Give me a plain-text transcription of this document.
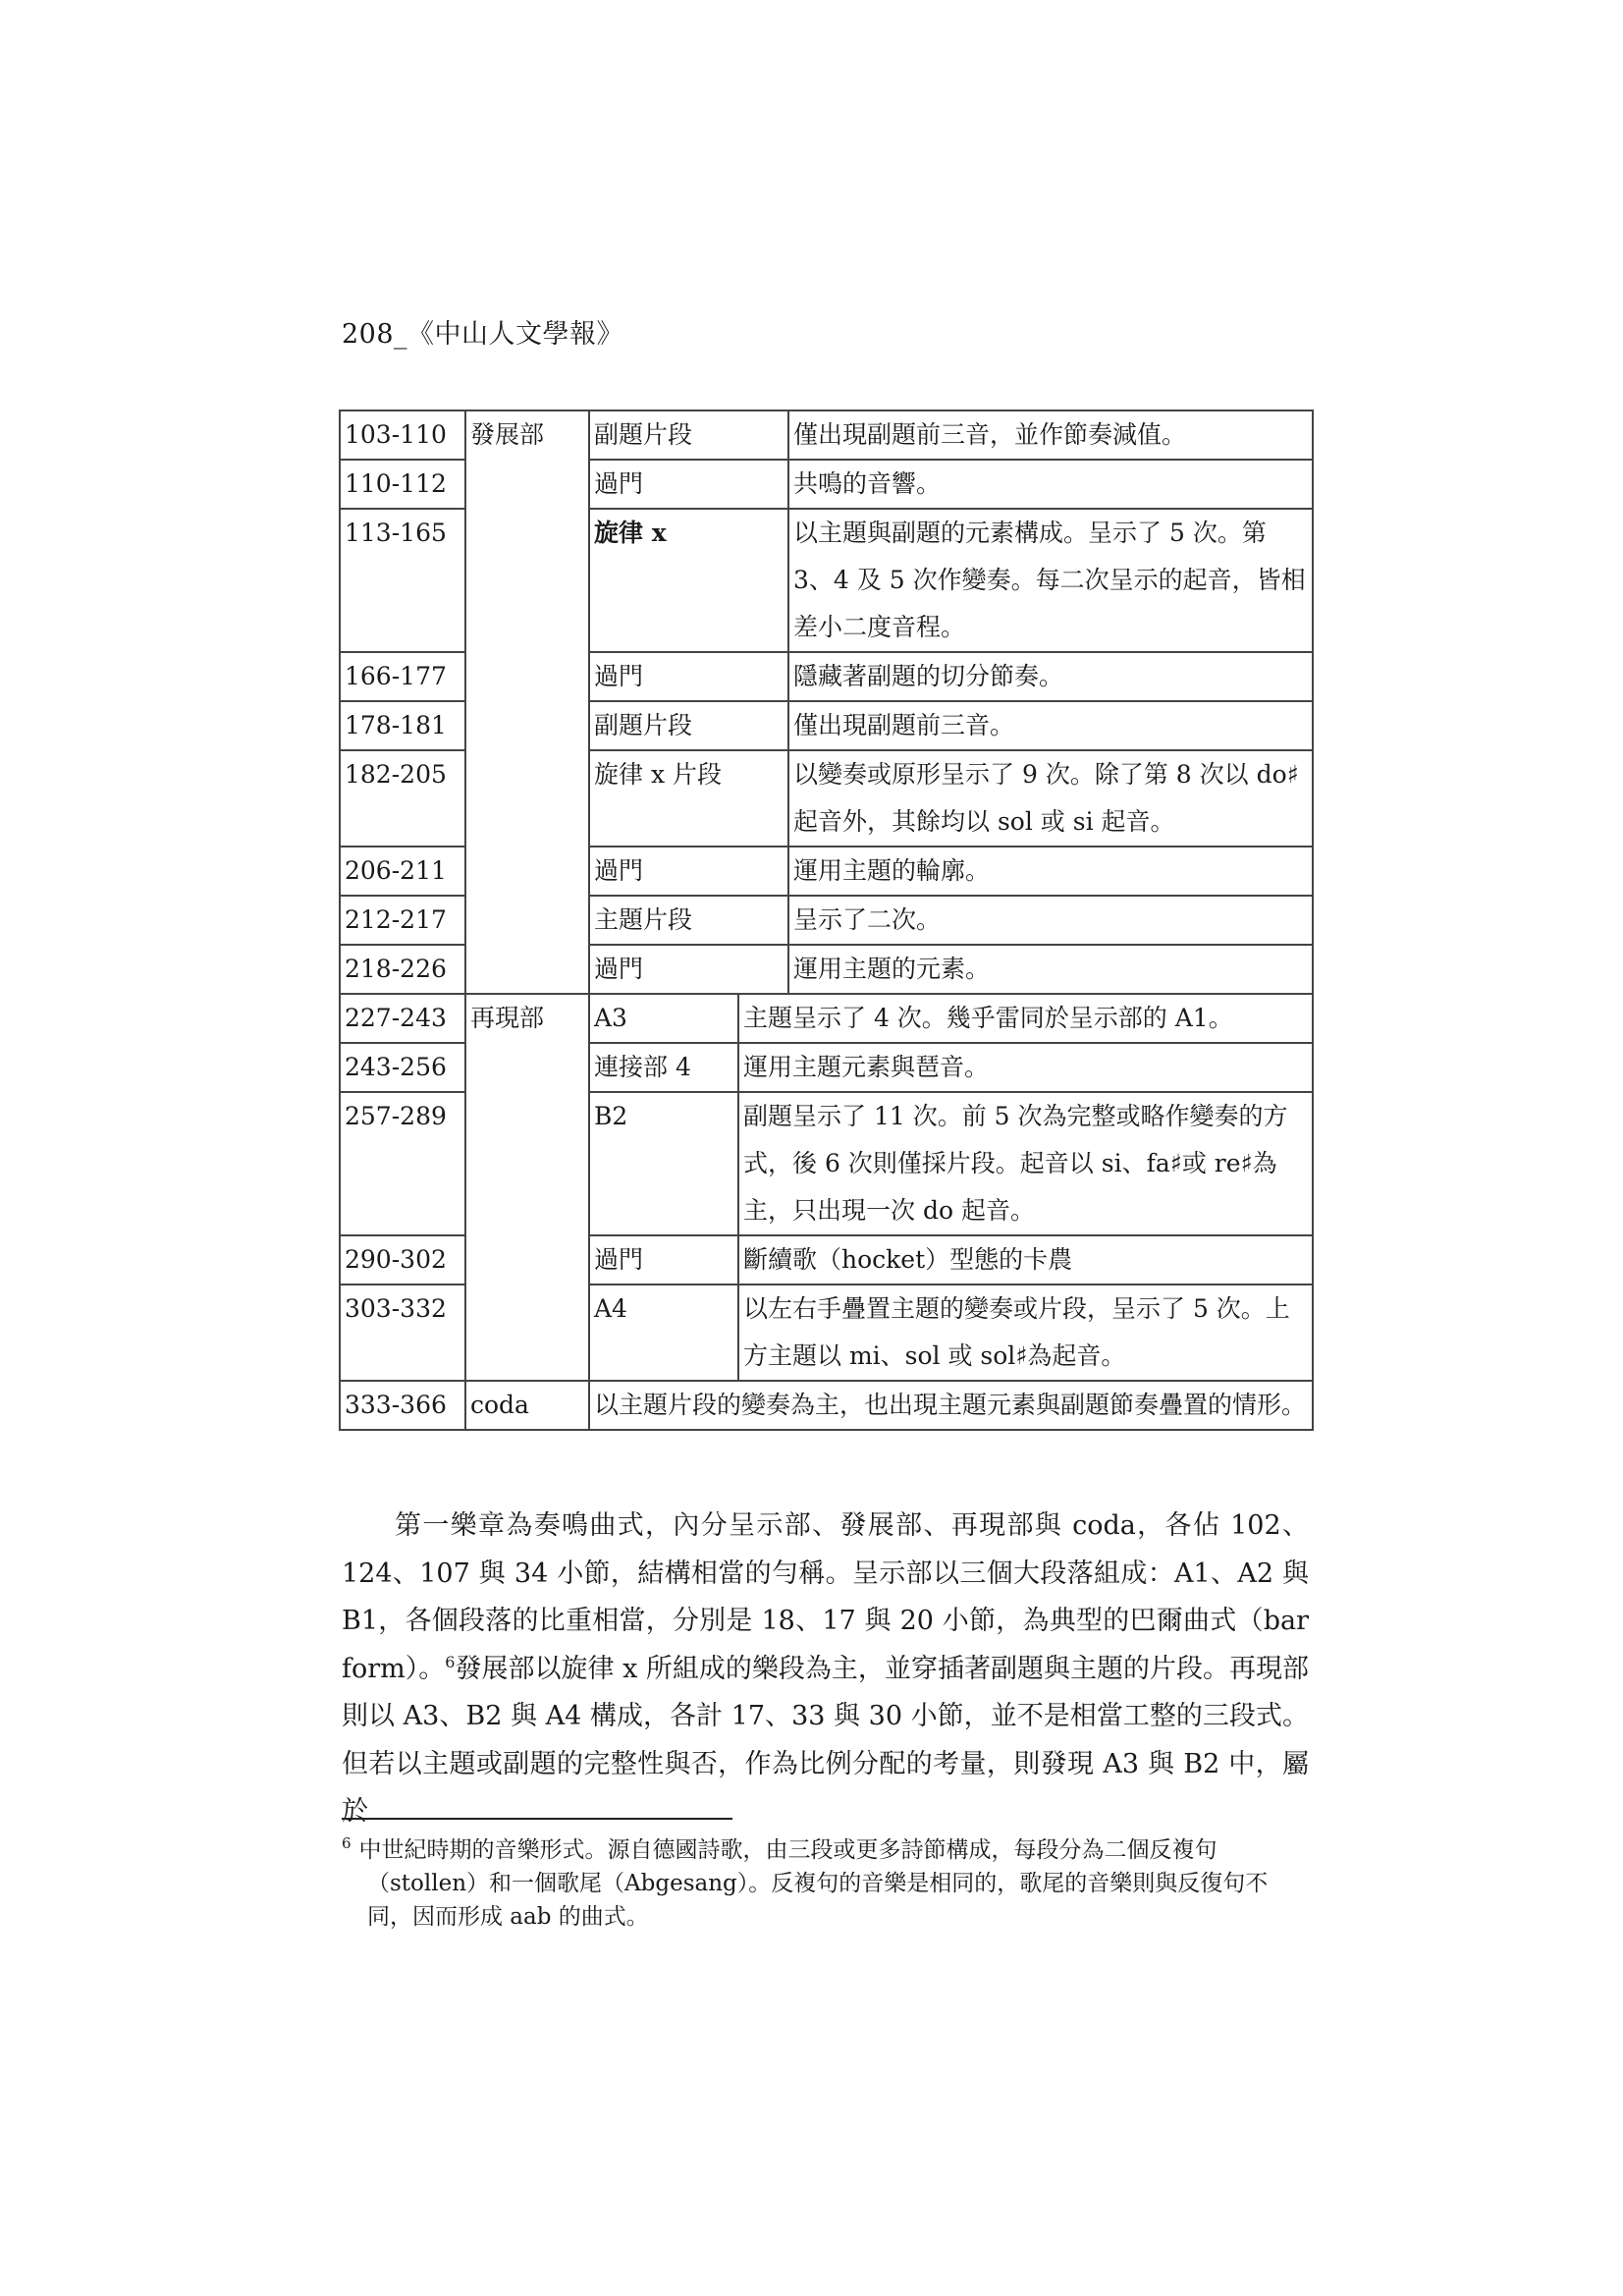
208_《中山人文學報》
103-110	發展部	副題片段		僅出現副題前三音，並作節奏減值。
110-112		過門		共鳴的音響。
113-165		旋律 x		以主題與副題的元素構成。呈示了 5 次。第 3、4 及 5 次作變奏。每二次呈示的起音，皆相差小二度音程。
166-177		過門		隱藏著副題的切分節奏。
178-181		副題片段		僅出現副題前三音。
182-205		旋律 x 片段		以變奏或原形呈示了 9 次。除了第 8 次以 do♯起音外，其餘均以 sol 或 si 起音。
206-211		過門		運用主題的輪廓。
212-217		主題片段		呈示了二次。
218-226		過門		運用主題的元素。
227-243	再現部	A3	主題呈示了 4 次。幾乎雷同於呈示部的 A1。	
243-256		連接部 4	運用主題元素與琶音。	
257-289		B2	副題呈示了 11 次。前 5 次為完整或略作變奏的方式，後 6 次則僅採片段。起音以 si、fa♯或 re♯為主，只出現一次 do 起音。	
290-302		過門	斷續歌（hocket）型態的卡農	
303-332		A4	以左右手疊置主題的變奏或片段，呈示了 5 次。上方主題以 mi、sol 或 sol♯為起音。	
333-366	coda	以主題片段的變奏為主，也出現主題元素與副題節奏疊置的情形。		

第一樂章為奏鳴曲式，內分呈示部、發展部、再現部與 coda，各佔 102、124、107 與 34 小節，結構相當的勻稱。呈示部以三個大段落組成：A1、A2 與 B1，各個段落的比重相當，分別是 18、17 與 20 小節，為典型的巴爾曲式（bar form）。$^6$發展部以旋律 x 所組成的樂段為主，並穿插著副題與主題的片段。再現部則以 A3、B2 與 A4 構成，各計 17、33 與 30 小節，並不是相當工整的三段式。但若以主題或副題的完整性與否，作為比例分配的考量，則發現 A3 與 B2 中，屬於

$^6$ 中世紀時期的音樂形式。源自德國詩歌，由三段或更多詩節構成，每段分為二個反複句
（stollen）和一個歌尾（Abgesang）。反複句的音樂是相同的，歌尾的音樂則與反復句不同，因而形成 aab 的曲式。
